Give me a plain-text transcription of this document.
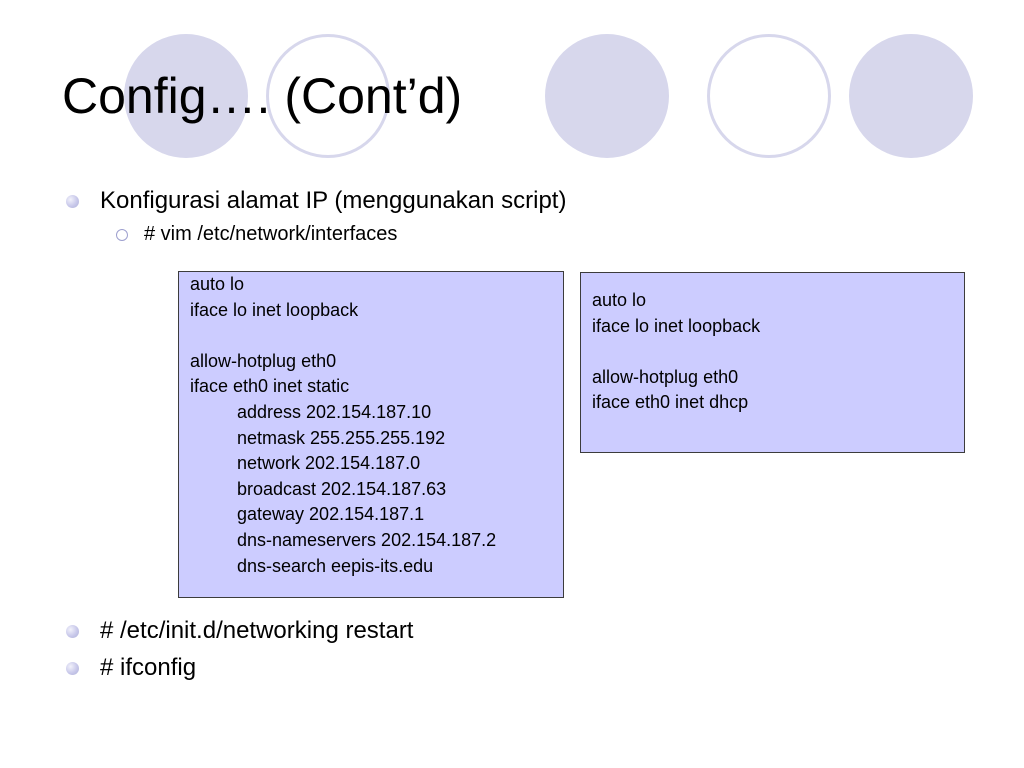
Config…. (Cont’d)
Konfigurasi alamat IP (menggunakan script)
# vim /etc/network/interfaces
auto lo
iface lo inet loopback
allow-hotplug eth0
iface eth0 inet static
address 202.154.187.10
netmask 255.255.255.192
network 202.154.187.0
broadcast 202.154.187.63
gateway 202.154.187.1
dns-nameservers 202.154.187.2
dns-search eepis-its.edu
auto lo
iface lo inet loopback
allow-hotplug eth0
iface eth0 inet dhcp
# /etc/init.d/networking restart
# ifconfig
